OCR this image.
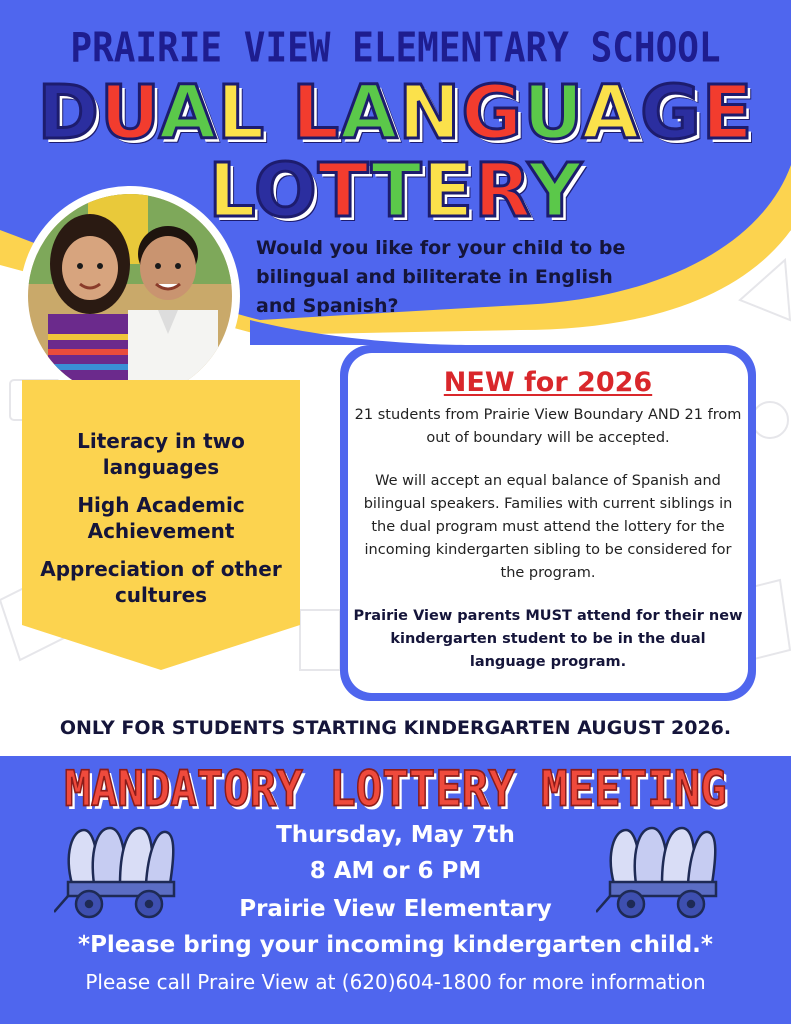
PRAIRIE VIEW ELEMENTARY SCHOOL
DUAL LANGUAGE
LOTTERY
Would you like for your child to be bilingual and biliterate in English and Spanish?
Literacy in two languages
High Academic Achievement
Appreciation of other cultures
NEW for 2026

21 students from Prairie View Boundary AND 21 from out of boundary will be accepted.

We will accept an equal balance of Spanish and bilingual speakers. Families with current siblings in the dual program must attend the lottery for the incoming kindergarten sibling to be considered for the program.

Prairie View parents MUST attend for their new kindergarten student to be in the dual language program.

ONLY FOR STUDENTS STARTING KINDERGARTEN AUGUST 2026.
MANDATORY LOTTERY MEETING
Thursday, May 7th
8 AM or 6 PM
Prairie View Elementary
*Please bring your incoming kindergarten child.*
Please call Praire View at (620)604-1800 for more information
